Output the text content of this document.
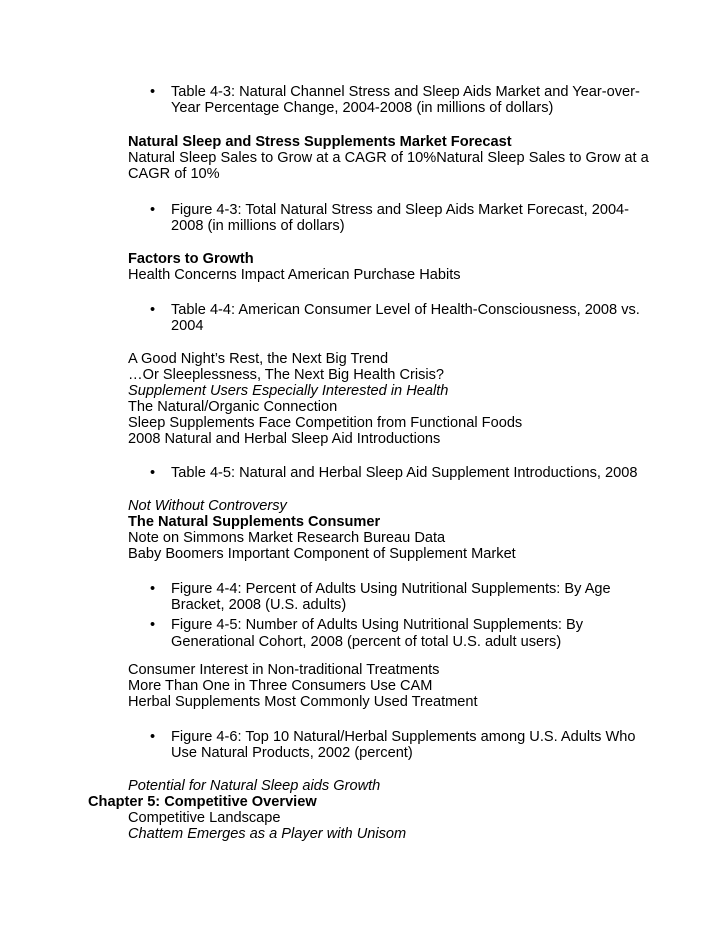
• Table 4-3: Natural Channel Stress and Sleep Aids Market and Year-over-Year Percentage Change, 2004-2008 (in millions of dollars)
Natural Sleep and Stress Supplements Market Forecast
Natural Sleep Sales to Grow at a CAGR of 10%Natural Sleep Sales to Grow at a
CAGR of 10%
• Figure 4-3: Total Natural Stress and Sleep Aids Market Forecast, 2004-2008 (in millions of dollars)
Factors to Growth
Health Concerns Impact American Purchase Habits
• Table 4-4: American Consumer Level of Health-Consciousness, 2008 vs. 2004
A Good Night’s Rest, the Next Big Trend
…Or Sleeplessness, The Next Big Health Crisis?
Supplement Users Especially Interested in Health
The Natural/Organic Connection
Sleep Supplements Face Competition from Functional Foods
2008 Natural and Herbal Sleep Aid Introductions
• Table 4-5: Natural and Herbal Sleep Aid Supplement Introductions, 2008
Not Without Controversy
The Natural Supplements Consumer
Note on Simmons Market Research Bureau Data
Baby Boomers Important Component of Supplement Market
• Figure 4-4: Percent of Adults Using Nutritional Supplements: By Age Bracket, 2008 (U.S. adults)
• Figure 4-5: Number of Adults Using Nutritional Supplements: By Generational Cohort, 2008 (percent of total U.S. adult users)
Consumer Interest in Non-traditional Treatments
More Than One in Three Consumers Use CAM
Herbal Supplements Most Commonly Used Treatment
• Figure 4-6: Top 10 Natural/Herbal Supplements among U.S. Adults Who Use Natural Products, 2002 (percent)
Potential for Natural Sleep aids Growth
Chapter 5: Competitive Overview
Competitive Landscape
Chattem Emerges as a Player with Unisom
